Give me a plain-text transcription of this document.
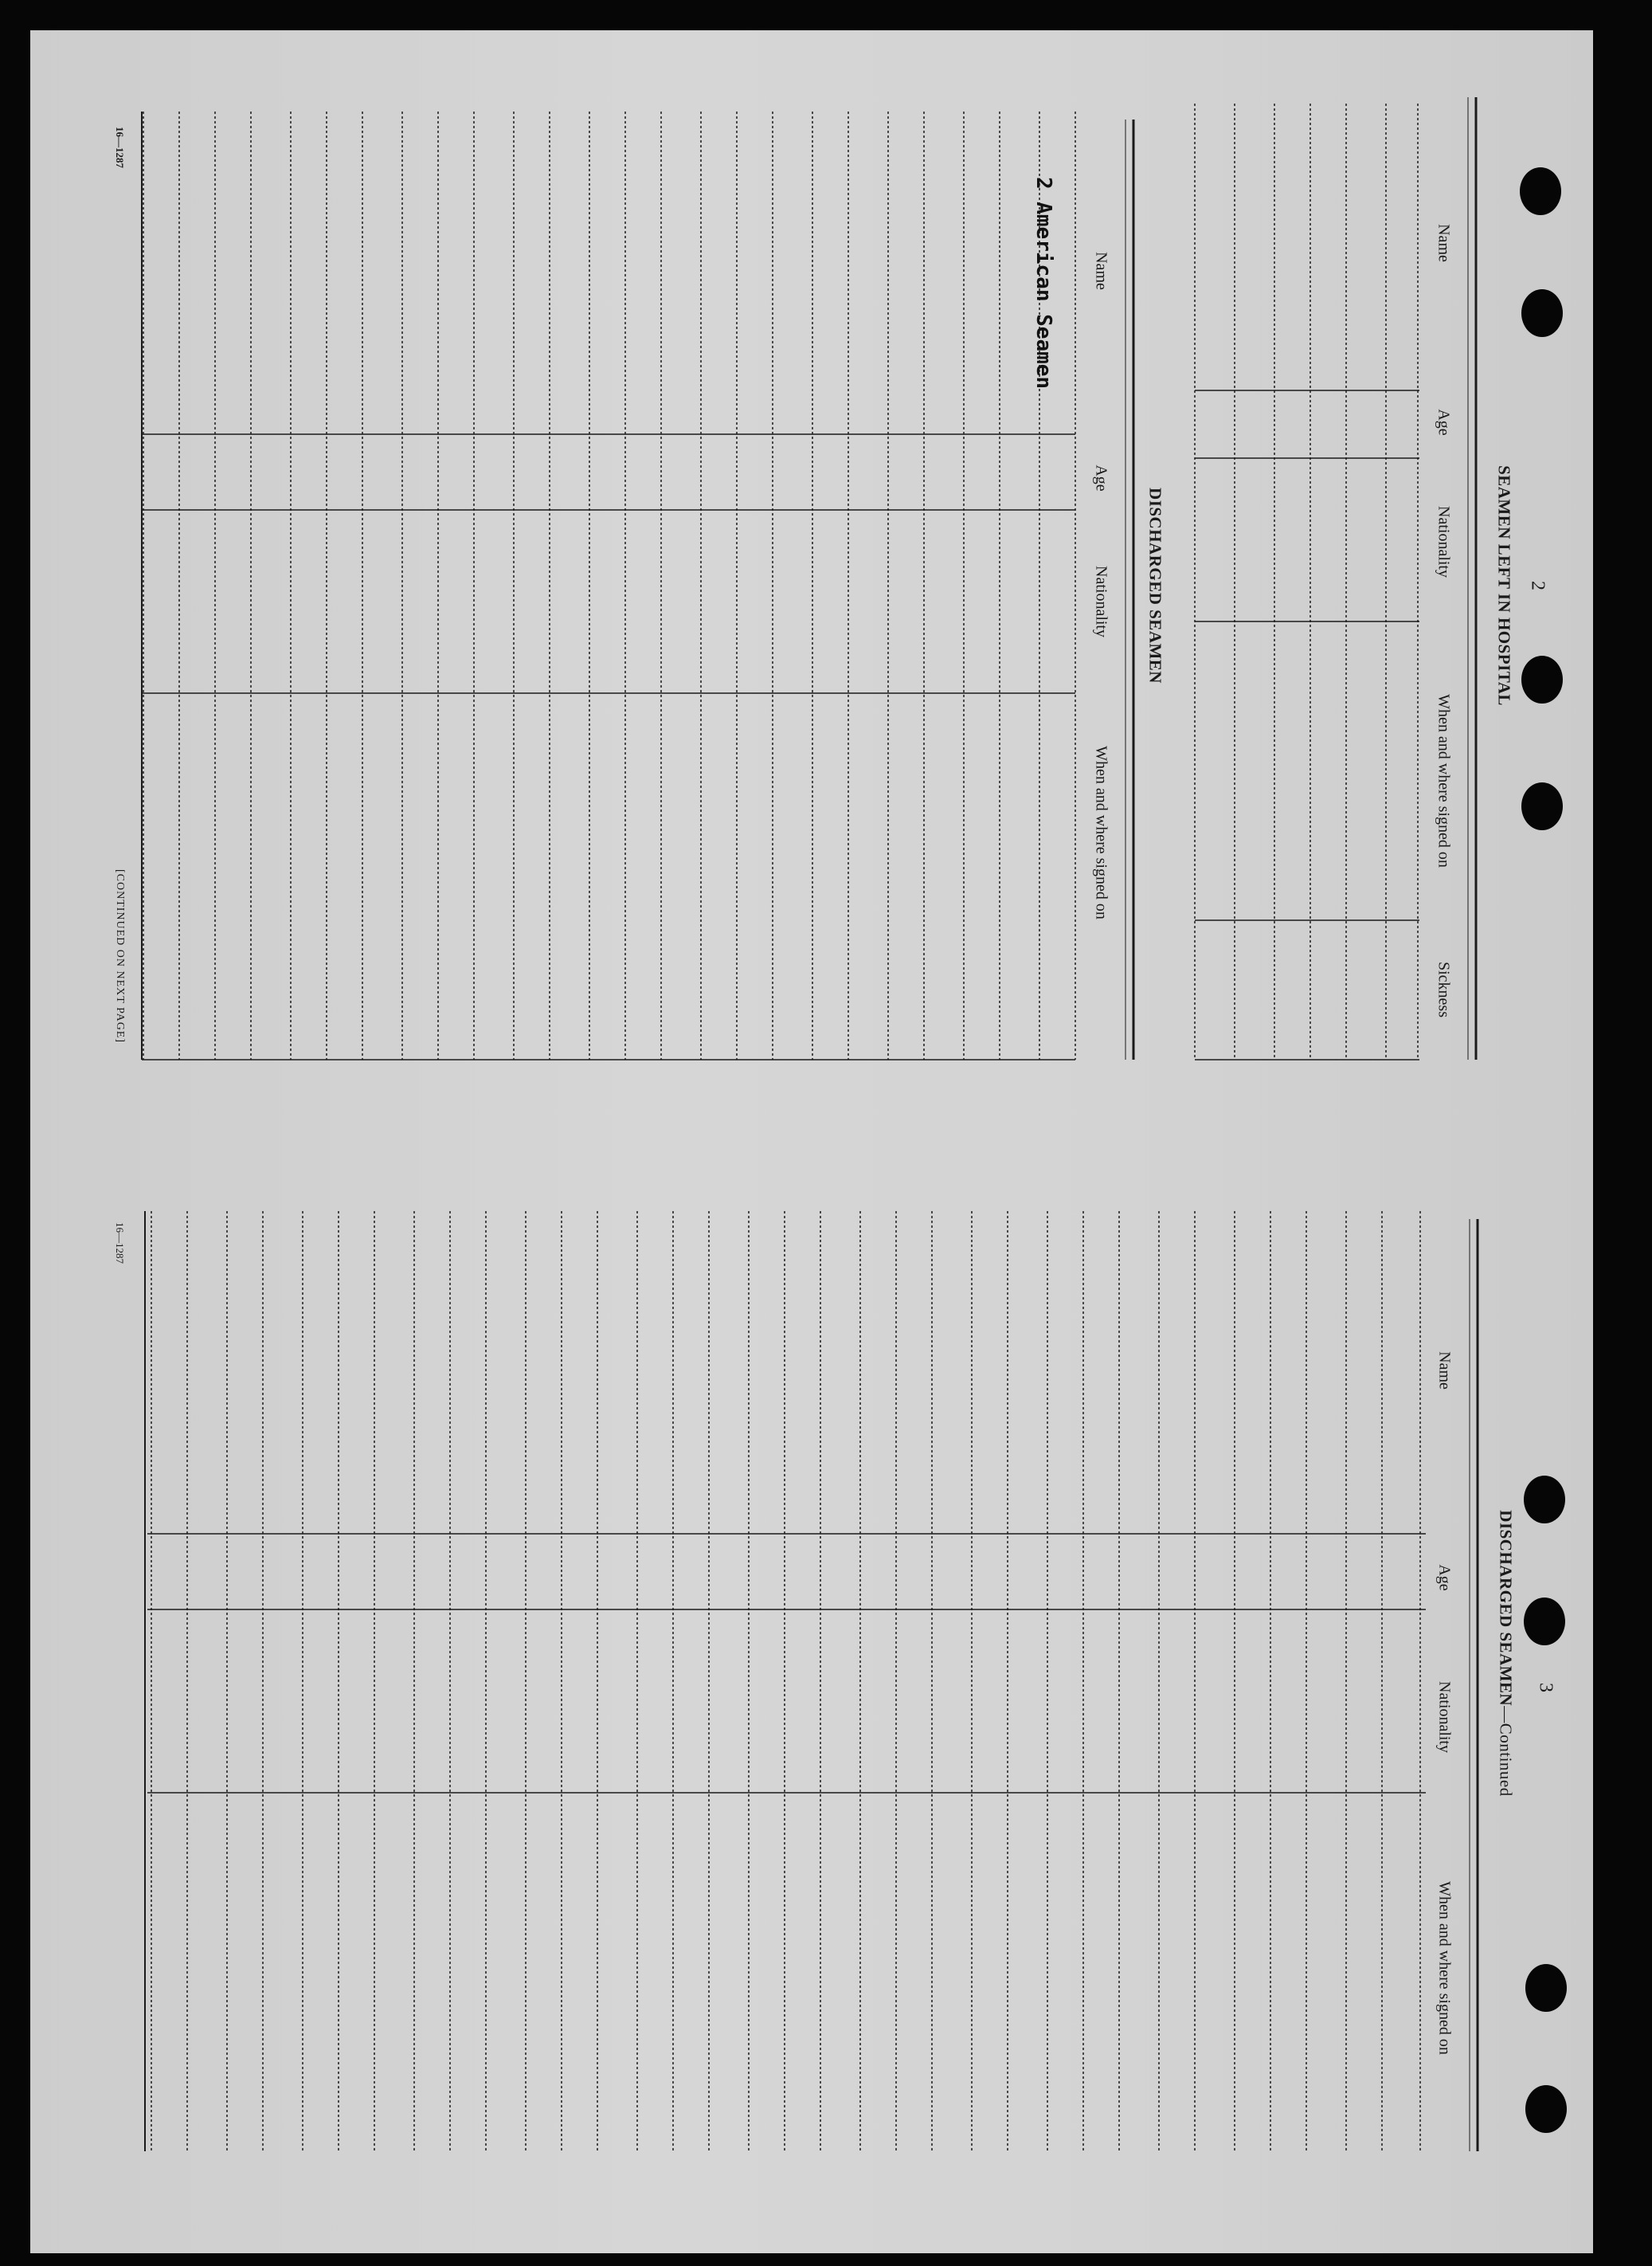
2
SEAMEN LEFT IN HOSPITAL
Name
Age
Nationality
When and where signed on
Sickness
DISCHARGED SEAMEN
Name
Age
Nationality
When and where signed on
2 American Seamen
[CONTINUED ON NEXT PAGE]
16—1287
3
DISCHARGED SEAMEN—Continued
Name
Age
Nationality
When and where signed on
16—1287
